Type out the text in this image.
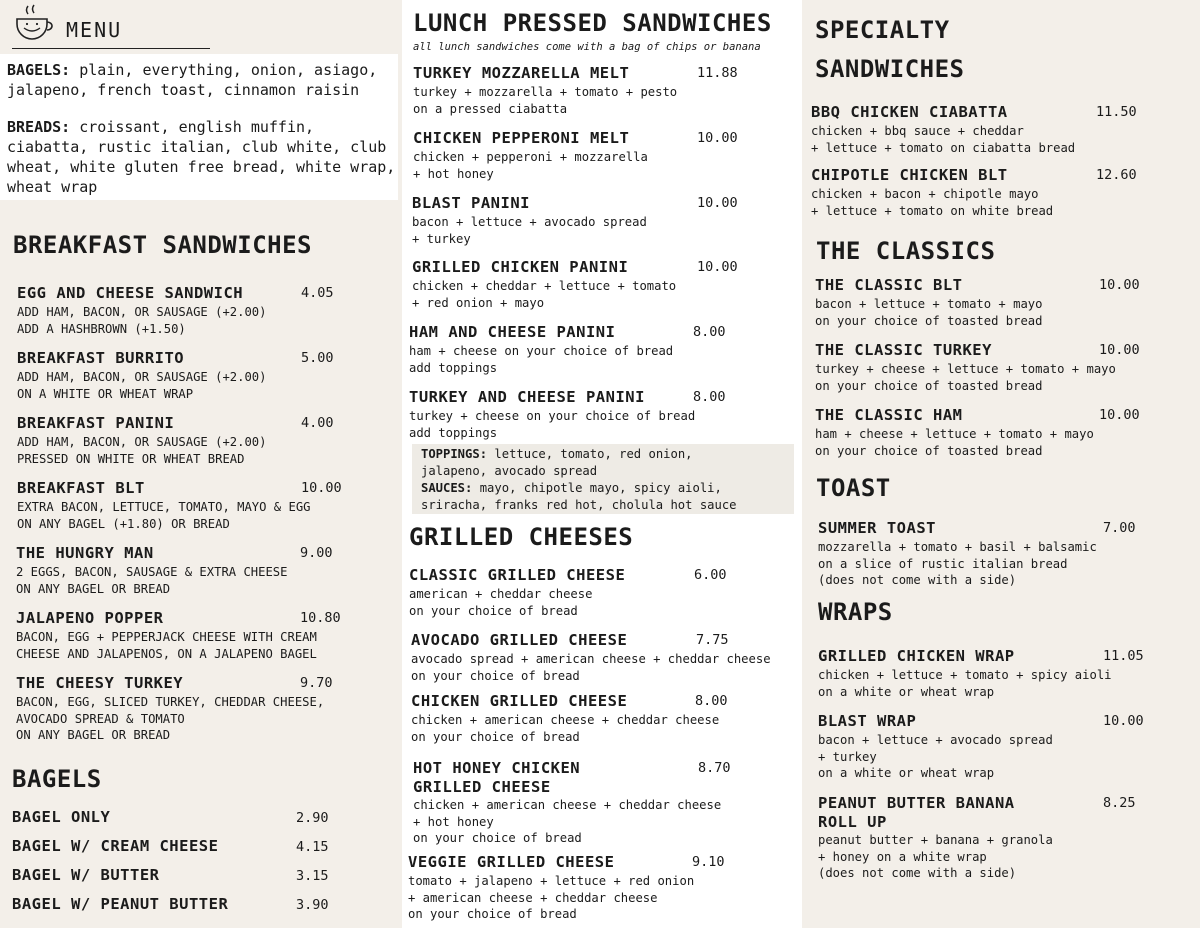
MENU

BAGELS: plain, everything, onion, asiago, jalapeno, french toast, cinnamon raisin

BREADS: croissant, english muffin, ciabatta, rustic italian, club white, club wheat, white gluten free bread, white wrap, wheat wrap

BREAKFAST SANDWICHES
EGG AND CHEESE SANDWICH	4.05
ADD HAM, BACON, OR SAUSAGE (+2.00)
ADD A HASHBROWN (+1.50)
BREAKFAST BURRITO	5.00
ADD HAM, BACON, OR SAUSAGE (+2.00)
ON A WHITE OR WHEAT WRAP
BREAKFAST PANINI	4.00
ADD HAM, BACON, OR SAUSAGE (+2.00)
PRESSED ON WHITE OR WHEAT BREAD
BREAKFAST BLT	10.00
EXTRA BACON, LETTUCE, TOMATO, MAYO & EGG
ON ANY BAGEL (+1.80) OR BREAD
THE HUNGRY MAN	9.00
2 EGGS, BACON, SAUSAGE & EXTRA CHEESE
ON ANY BAGEL OR BREAD
JALAPENO POPPER	10.80
BACON, EGG + PEPPERJACK CHEESE WITH CREAM
CHEESE AND JALAPENOS, ON A JALAPENO BAGEL
THE CHEESY TURKEY	9.70
BACON, EGG, SLICED TURKEY, CHEDDAR CHEESE,
AVOCADO SPREAD & TOMATO
ON ANY BAGEL OR BREAD
BAGELS
BAGEL ONLY	2.90
BAGEL W/ CREAM CHEESE	4.15
BAGEL W/ BUTTER	3.15
BAGEL W/ PEANUT BUTTER	3.90
LUNCH PRESSED SANDWICHES
all lunch sandwiches come with a bag of chips or banana
TURKEY MOZZARELLA MELT	11.88
turkey + mozzarella + tomato + pesto
on a pressed ciabatta
CHICKEN PEPPERONI MELT	10.00
chicken + pepperoni + mozzarella
+ hot honey
BLAST PANINI	10.00
bacon + lettuce + avocado spread
+ turkey
GRILLED CHICKEN PANINI	10.00
chicken + cheddar + lettuce + tomato
+ red onion + mayo
HAM AND CHEESE PANINI	8.00
ham + cheese on your choice of bread
add toppings
TURKEY AND CHEESE PANINI	8.00
turkey + cheese on your choice of bread
add toppings

TOPPINGS: lettuce, tomato, red onion,

jalapeno, avocado spread

SAUCES: mayo, chipotle mayo, spicy aioli,

sriracha, franks red hot, cholula hot sauce

GRILLED CHEESES
CLASSIC GRILLED CHEESE	6.00
american + cheddar cheese
on your choice of bread
AVOCADO GRILLED CHEESE	7.75
avocado spread + american cheese + cheddar cheese
on your choice of bread
CHICKEN GRILLED CHEESE	8.00
chicken + american cheese + cheddar cheese
on your choice of bread
HOT HONEY CHICKEN
GRILLED CHEESE
8.70
chicken + american cheese + cheddar cheese
+ hot honey
on your choice of bread
VEGGIE GRILLED CHEESE	9.10
tomato + jalapeno + lettuce + red onion
+ american cheese + cheddar cheese
on your choice of bread
SPECIALTY
SANDWICHES
BBQ CHICKEN CIABATTA	11.50
chicken + bbq sauce + cheddar
+ lettuce + tomato on ciabatta bread
CHIPOTLE CHICKEN BLT	12.60
chicken + bacon + chipotle mayo
+ lettuce + tomato on white bread
THE CLASSICS
THE CLASSIC BLT	10.00
bacon + lettuce + tomato + mayo
on your choice of toasted bread
THE CLASSIC TURKEY	10.00
turkey + cheese + lettuce + tomato + mayo
on your choice of toasted bread
THE CLASSIC HAM	10.00
ham + cheese + lettuce + tomato + mayo
on your choice of toasted bread
TOAST
SUMMER TOAST	7.00
mozzarella + tomato + basil + balsamic
on a slice of rustic italian bread
(does not come with a side)
WRAPS
GRILLED CHICKEN WRAP	11.05
chicken + lettuce + tomato + spicy aioli
on a white or wheat wrap
BLAST WRAP	10.00
bacon + lettuce + avocado spread
+ turkey
on a white or wheat wrap
PEANUT BUTTER BANANA
ROLL UP
8.25
peanut butter + banana + granola
+ honey on a white wrap
(does not come with a side)
